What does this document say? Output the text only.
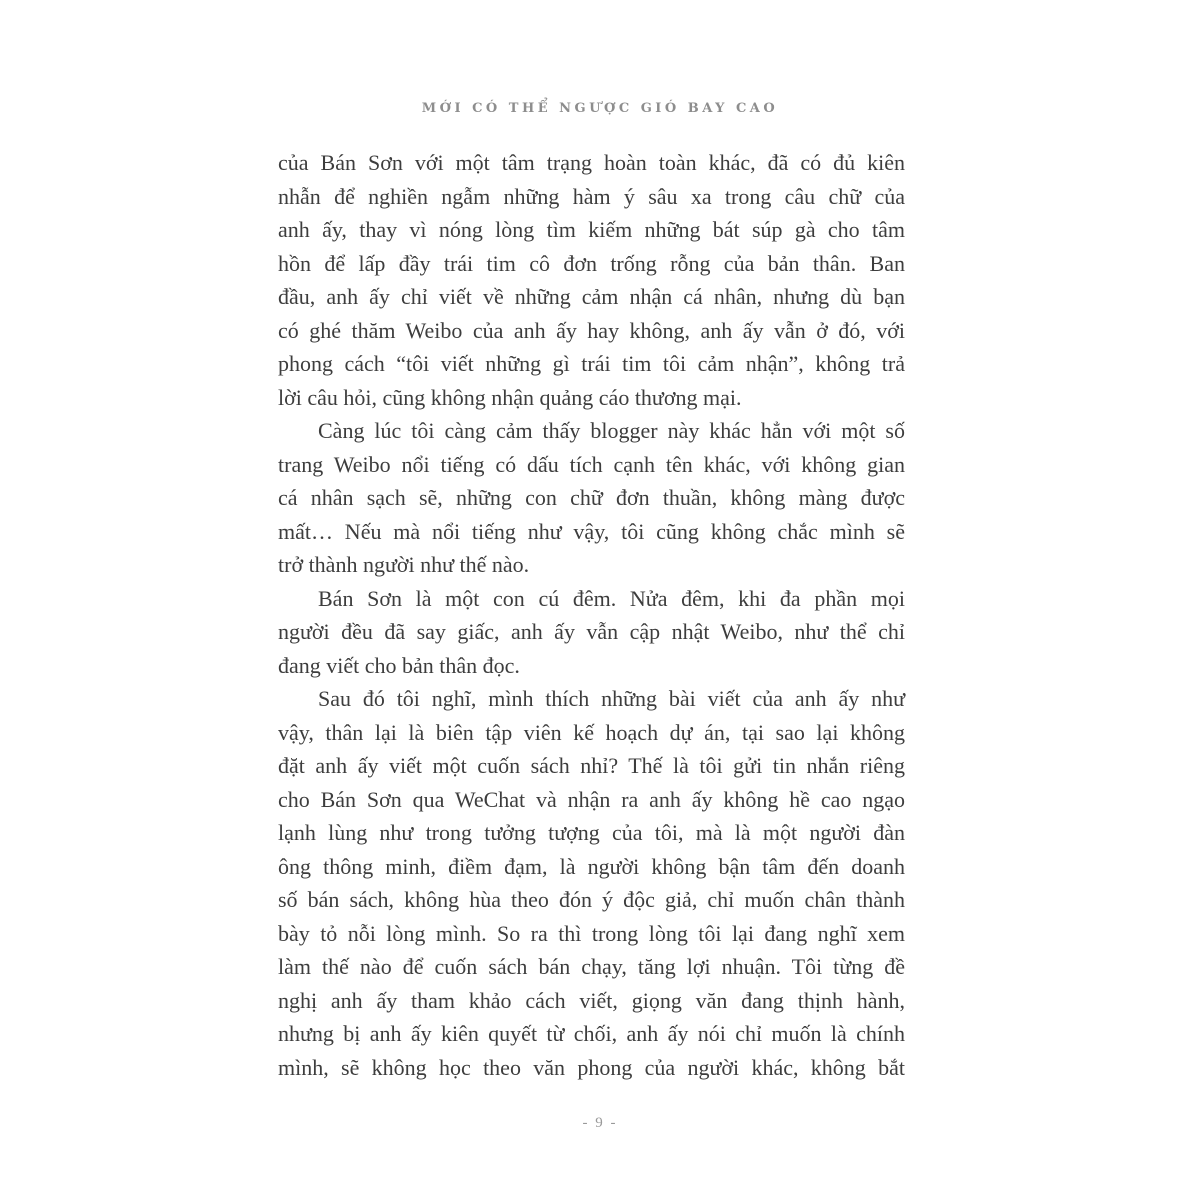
MỚI CÓ THỂ NGƯỢC GIÓ BAY CAO
của Bán Sơn với một tâm trạng hoàn toàn khác, đã có đủ kiên
nhẫn để nghiền ngẫm những hàm ý sâu xa trong câu chữ của
anh ấy, thay vì nóng lòng tìm kiếm những bát súp gà cho tâm
hồn để lấp đầy trái tim cô đơn trống rỗng của bản thân. Ban
đầu, anh ấy chỉ viết về những cảm nhận cá nhân, nhưng dù bạn
có ghé thăm Weibo của anh ấy hay không, anh ấy vẫn ở đó, với
phong cách “tôi viết những gì trái tim tôi cảm nhận”, không trả
lời câu hỏi, cũng không nhận quảng cáo thương mại.
Càng lúc tôi càng cảm thấy blogger này khác hẳn với một số
trang Weibo nổi tiếng có dấu tích cạnh tên khác, với không gian
cá nhân sạch sẽ, những con chữ đơn thuần, không màng được
mất… Nếu mà nổi tiếng như vậy, tôi cũng không chắc mình sẽ
trở thành người như thế nào.
Bán Sơn là một con cú đêm. Nửa đêm, khi đa phần mọi
người đều đã say giấc, anh ấy vẫn cập nhật Weibo, như thể chỉ
đang viết cho bản thân đọc.
Sau đó tôi nghĩ, mình thích những bài viết của anh ấy như
vậy, thân lại là biên tập viên kế hoạch dự án, tại sao lại không
đặt anh ấy viết một cuốn sách nhỉ? Thế là tôi gửi tin nhắn riêng
cho Bán Sơn qua WeChat và nhận ra anh ấy không hề cao ngạo
lạnh lùng như trong tưởng tượng của tôi, mà là một người đàn
ông thông minh, điềm đạm, là người không bận tâm đến doanh
số bán sách, không hùa theo đón ý độc giả, chỉ muốn chân thành
bày tỏ nỗi lòng mình. So ra thì trong lòng tôi lại đang nghĩ xem
làm thế nào để cuốn sách bán chạy, tăng lợi nhuận. Tôi từng đề
nghị anh ấy tham khảo cách viết, giọng văn đang thịnh hành,
nhưng bị anh ấy kiên quyết từ chối, anh ấy nói chỉ muốn là chính
mình, sẽ không học theo văn phong của người khác, không bắt
- 9 -
